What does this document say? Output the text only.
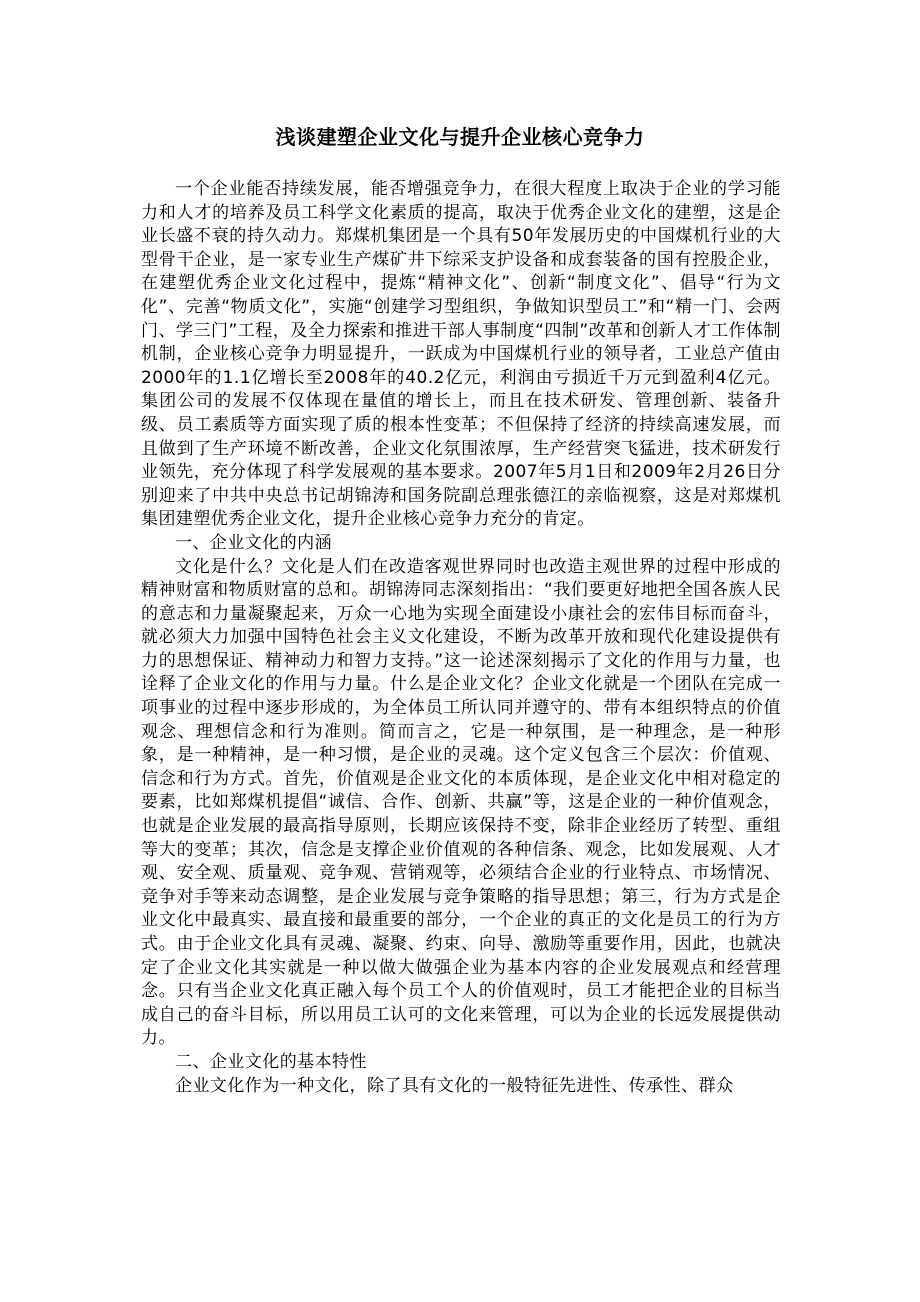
浅谈建塑企业文化与提升企业核心竞争力

一个企业能否持续发展，能否增强竞争力，在很大程度上取决于企业的学习能力和人才的培养及员工科学文化素质的提高，取决于优秀企业文化的建塑，这是企业长盛不衰的持久动力。郑煤机集团是一个具有50年发展历史的中国煤机行业的大型骨干企业，是一家专业生产煤矿井下综采支护设备和成套装备的国有控股企业，在建塑优秀企业文化过程中，提炼“精神文化”、创新“制度文化”、倡导“行为文化”、完善“物质文化”，实施“创建学习型组织，争做知识型员工”和“精一门、会两门、学三门”工程，及全力探索和推进干部人事制度“四制”改革和创新人才工作体制机制，企业核心竞争力明显提升，一跃成为中国煤机行业的领导者，工业总产值由2000年的1.1亿增长至2008年的40.2亿元，利润由亏损近千万元到盈利4亿元。集团公司的发展不仅体现在量值的增长上，而且在技术研发、管理创新、装备升级、员工素质等方面实现了质的根本性变革；不但保持了经济的持续高速发展，而且做到了生产环境不断改善，企业文化氛围浓厚，生产经营突飞猛进，技术研发行业领先，充分体现了科学发展观的基本要求。2007年5月1日和2009年2月26日分别迎来了中共中央总书记胡锦涛和国务院副总理张德江的亲临视察，这是对郑煤机集团建塑优秀企业文化，提升企业核心竞争力充分的肯定。

一、企业文化的内涵

文化是什么？文化是人们在改造客观世界同时也改造主观世界的过程中形成的精神财富和物质财富的总和。胡锦涛同志深刻指出：“我们要更好地把全国各族人民的意志和力量凝聚起来，万众一心地为实现全面建设小康社会的宏伟目标而奋斗，就必须大力加强中国特色社会主义文化建设，不断为改革开放和现代化建设提供有力的思想保证、精神动力和智力支持。”这一论述深刻揭示了文化的作用与力量，也诠释了企业文化的作用与力量。什么是企业文化？企业文化就是一个团队在完成一项事业的过程中逐步形成的，为全体员工所认同并遵守的、带有本组织特点的价值观念、理想信念和行为准则。简而言之，它是一种氛围，是一种理念，是一种形象，是一种精神，是一种习惯，是企业的灵魂。这个定义包含三个层次：价值观、信念和行为方式。首先，价值观是企业文化的本质体现，是企业文化中相对稳定的要素，比如郑煤机提倡“诚信、合作、创新、共赢”等，这是企业的一种价值观念，也就是企业发展的最高指导原则，长期应该保持不变，除非企业经历了转型、重组等大的变革；其次，信念是支撑企业价值观的各种信条、观念，比如发展观、人才观、安全观、质量观、竞争观、营销观等，必须结合企业的行业特点、市场情况、竞争对手等来动态调整，是企业发展与竞争策略的指导思想；第三，行为方式是企业文化中最真实、最直接和最重要的部分，一个企业的真正的文化是员工的行为方式。由于企业文化具有灵魂、凝聚、约束、向导、激励等重要作用，因此，也就决定了企业文化其实就是一种以做大做强企业为基本内容的企业发展观点和经营理念。只有当企业文化真正融入每个员工个人的价值观时，员工才能把企业的目标当成自己的奋斗目标，所以用员工认可的文化来管理，可以为企业的长远发展提供动力。

二、企业文化的基本特性

企业文化作为一种文化，除了具有文化的一般特征先进性、传承性、群众
